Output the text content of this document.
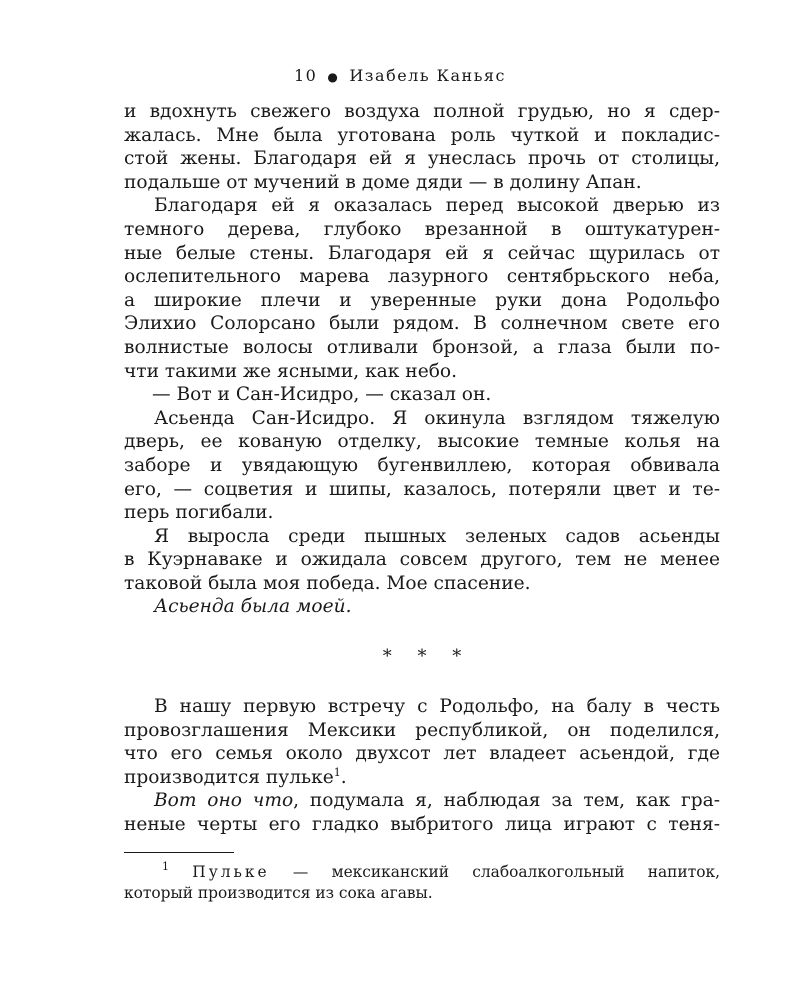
10 ● Изабель Каньяс
и вдохнуть свежего воздуха полной грудью, но я сдер-
жалась. Мне была уготована роль чуткой и покладис-
стой жены. Благодаря ей я унеслась прочь от столицы,
подальше от мучений в доме дяди — в долину Апан.
Благодаря ей я оказалась перед высокой дверью из
темного дерева, глубоко врезанной в оштукатурен-
ные белые стены. Благодаря ей я сейчас щурилась от
ослепительного марева лазурного сентябрьского неба,
а широкие плечи и уверенные руки дона Родольфо
Элихио Солорсано были рядом. В солнечном свете его
волнистые волосы отливали бронзой, а глаза были по-
чти такими же ясными, как небо.
— Вот и Сан-Исидро, — сказал он.
Асьенда Сан-Исидро. Я окинула взглядом тяжелую
дверь, ее кованую отделку, высокие темные колья на
заборе и увядающую бугенвиллею, которая обвивала
его, — соцветия и шипы, казалось, потеряли цвет и те-
перь погибали.
Я выросла среди пышных зеленых садов асьенды
в Куэрнаваке и ожидала совсем другого, тем не менее
таковой была моя победа. Мое спасение.
Асьенда была моей.
* * *
В нашу первую встречу с Родольфо, на балу в честь
провозглашения Мексики республикой, он поделился,
что его семья около двухсот лет владеет асьендой, где
производится пульке$^1$.
Вот оно что, подумала я, наблюдая за тем, как гра-
неные черты его гладко выбритого лица играют с теня-
$^1$ Пульке — мексиканский слабоалкогольный напиток,
который производится из сока агавы.
